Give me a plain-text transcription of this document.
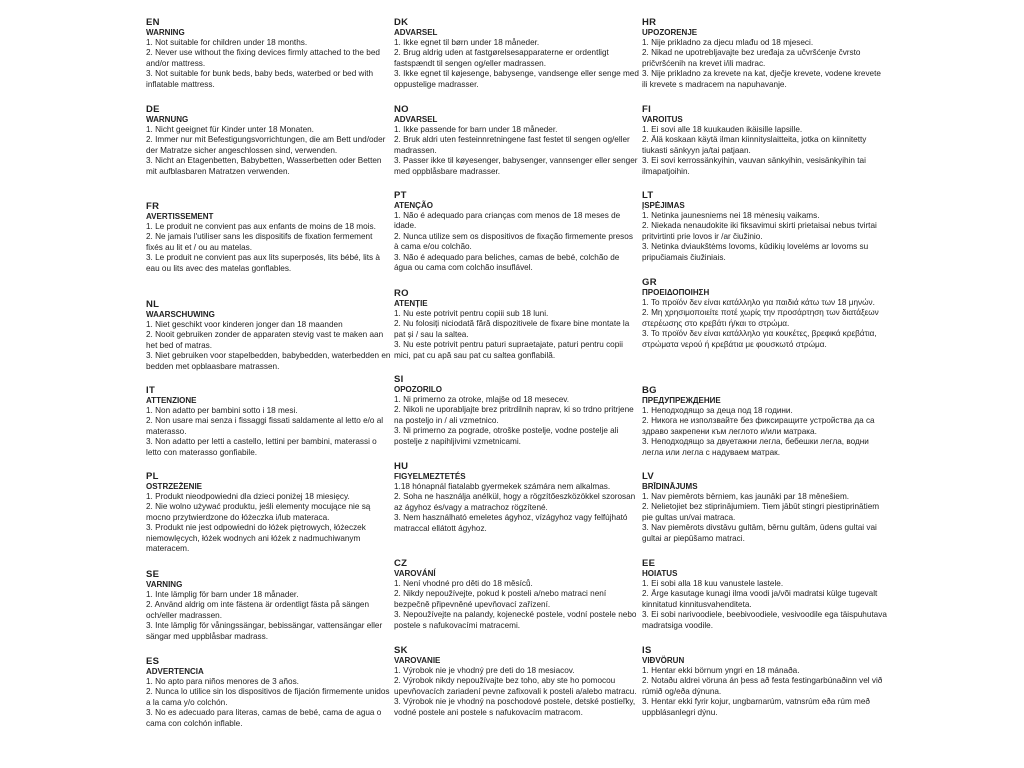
EN
WARNING
1. Not suitable for children under 18 months.
2. Never use without the fixing devices firmly attached to the bed and/or mattress.
3. Not suitable for bunk beds, baby beds, waterbed or bed with inflatable mattress.
DE
WARNUNG
1. Nicht geeignet für Kinder unter 18 Monaten.
2. Immer nur mit Befestigungsvorrichtungen, die am Bett und/oder der Matratze sicher angeschlossen sind, verwenden.
3. Nicht an Etagenbetten, Babybetten, Wasserbetten oder Betten mit aufblasbaren Matratzen verwenden.
FR
AVERTISSEMENT
1. Le produit ne convient pas aux enfants de moins de 18 mois.
2. Ne jamais l'utiliser sans les dispositifs de fixation fermement fixés au lit et / ou au matelas.
3. Le produit ne convient pas aux lits superposés, lits bébé, lits à eau ou lits avec des matelas gonflables.
NL
WAARSCHUWING
1. Niet geschikt voor kinderen jonger dan 18 maanden
2. Nooit gebruiken zonder de apparaten stevig vast te maken aan het bed of matras.
3. Niet gebruiken voor stapelbedden, babybedden, waterbedden en bedden met opblaasbare matrassen.
IT
ATTENZIONE
1. Non adatto per bambini sotto i 18 mesi.
2. Non usare mai senza i fissaggi fissati saldamente al letto e/o al materasso.
3. Non adatto per letti a castello, lettini per bambini, materassi o letto con materasso gonfiabile.
PL
OSTRZEŻENIE
1. Produkt nieodpowiedni dla dzieci poniżej 18 miesięcy.
2. Nie wolno używać produktu, jeśli elementy mocujące nie są mocno przytwierdzone do łóżeczka i/lub materaca.
3. Produkt nie jest odpowiedni do łóżek piętrowych, łóżeczek niemowlęcych, łóżek wodnych ani łóżek z nadmuchiwanym materacem.
SE
VARNING
1. Inte lämplig för barn under 18 månader.
2. Använd aldrig om inte fästena är ordentligt fästa på sängen och/eller madrassen.
3. Inte lämplig för våningssängar, bebissängar, vattensängar eller sängar med uppblåsbar madrass.
ES
ADVERTENCIA
1. No apto para niños menores de 3 años.
2. Nunca lo utilice sin los dispositivos de fijación firmemente unidos a la cama y/o colchón.
3. No es adecuado para literas, camas de bebé, cama de agua o cama con colchón inflable.
DK
ADVARSEL
1. Ikke egnet til børn under 18 måneder.
2. Brug aldrig uden at fastgørelsesapparaterne er ordentligt fastspændt til sengen og/eller madrassen.
3. Ikke egnet til køjesenge, babysenge, vandsenge eller senge med oppustelige madrasser.
NO
ADVARSEL
1. Ikke passende for barn under 18 måneder.
2. Bruk aldri uten festeinnretningene fast festet til sengen og/eller madrassen.
3. Passer ikke til køyesenger, babysenger, vannsenger eller senger med oppblåsbare madrasser.
PT
ATENÇÃO
1. Não é adequado para crianças com menos de 18 meses de idade.
2. Nunca utilize sem os dispositivos de fixação firmemente presos à cama e/ou colchão.
3. Não é adequado para beliches, camas de bebé, colchão de água ou cama com colchão insuflável.
RO
ATENȚIE
1. Nu este potrivit pentru copiii sub 18 luni.
2. Nu folosiți niciodată fără dispozitivele de fixare bine montate la pat și / sau la saltea.
3. Nu este potrivit pentru paturi supraetajate, paturi pentru copii mici, pat cu apă sau pat cu saltea gonflabilă.
SI
OPOZORILO
1. Ni primerno za otroke, mlajše od 18 mesecev.
2. Nikoli ne uporabljajte brez pritrdilnih naprav, ki so trdno pritrjene na posteljo in / ali vzmetnico.
3. Ni primerno za pograde, otroške postelje, vodne postelje ali postelje z napihljivimi vzmetnicami.
HU
FIGYELMEZTETÉS
1.18 hónapnál fiatalabb gyermekek számára nem alkalmas.
2. Soha ne használja anélkül, hogy a rögzítőeszközökkel szorosan az ágyhoz és/vagy a matrachoz rögzítené.
3. Nem használható emeletes ágyhoz, vízágyhoz vagy felfújható matraccal ellátott ágyhoz.
CZ
VAROVÁNÍ
1. Není vhodné pro děti do 18 měsíců.
2. Nikdy nepoužívejte, pokud k posteli a/nebo matraci není bezpečně připevněné upevňovací zařízení.
3. Nepoužívejte na palandy, kojenecké postele, vodní postele nebo postele s nafukovacími matracemi.
SK
VAROVANIE
1. Výrobok nie je vhodný pre deti do 18 mesiacov.
2. Výrobok nikdy nepoužívajte bez toho, aby ste ho pomocou upevňovacích zariadení pevne zafixovali k posteli a/alebo matracu.
3. Výrobok nie je vhodný na poschodové postele, detské postieľky, vodné postele ani postele s nafukovacím matracom.
HR
UPOZORENJE
1. Nije prikladno za djecu mlađu od 18 mjeseci.
2. Nikad ne upotrebljavajte bez uređaja za učvršćenje čvrsto pričvršćenih na krevet i/ili madrac.
3. Nije prikladno za krevete na kat, dječje krevete, vodene krevete ili krevete s madracem na napuhavanje.
FI
VAROITUS
1. Ei sovi alle 18 kuukauden ikäisille lapsille.
2. Älä koskaan käytä ilman kiinnityslaitteita, jotka on kiinnitetty tiukasti sänkyyn ja/tai patjaan.
3. Ei sovi kerrossänkyihin, vauvan sänkyihin, vesisänkyihin tai ilmapatjoihin.
LT
ĮSPĖJIMAS
1. Netinka jaunesniems nei 18 mėnesių vaikams.
2. Niekada nenaudokite iki fiksavimui skirti prietaisai nebus tvirtai pritvirtinti prie lovos ir /ar čiužinio.
3. Netinka dviaukštėms lovoms, kūdikių lovelėms ar lovoms su pripučiamais čiužiniais.
GR
ΠΡΟΕΙΔΟΠΟΙΗΣΗ
1. Το προϊόν δεν είναι κατάλληλο για παιδιά κάτω των 18 μηνών.
2. Μη χρησιμοποιείτε ποτέ χωρίς την προσάρτηση των διατάξεων στερέωσης στο κρεβάτι ή/και το στρώμα.
3. Το προϊόν δεν είναι κατάλληλο για κουκέτες, βρεφικά κρεβάτια, στρώματα νερού ή κρεβάτια με φουσκωτό στρώμα.
BG
ПРЕДУПРЕЖДЕНИЕ
1. Неподходящо за деца под 18 години.
2. Никога не използвайте без фиксиращите устройства да са здраво закрепени към леглото и/или матрака.
3. Неподходящо за двуетажни легла, бебешки легла, водни легла или легла с надуваем матрак.
LV
BRĪDINĀJUMS
1. Nav piemērots bērniem, kas jaunāki par 18 mēnešiem.
2. Nelietojiet bez stiprinājumiem. Tiem jābūt stingri piestiprinātiem pie gultas un/vai matraca.
3. Nav piemērots divstāvu gultām, bērnu gultām, ūdens gultai vai gultai ar piepūšamo matraci.
EE
HOIATUS
1. Ei sobi alla 18 kuu vanustele lastele.
2. Ärge kasutage kunagi ilma voodi ja/või madratsi külge tugevalt kinnitatud kinnitusvahenditeta.
3. Ei sobi narivoodiele, beebivoodiele, vesivoodile ega täispuhutava madratsiga voodile.
IS
VIÐVÖRUN
1. Hentar ekki börnum yngri en 18 mánaða.
2. Notaðu aldrei vöruna án þess að festa festingarbúnaðinn vel við rúmið og/eða dýnuna.
3. Hentar ekki fyrir kojur, ungbarnarúm, vatnsrúm eða rúm með uppblásanlegri dýnu.
